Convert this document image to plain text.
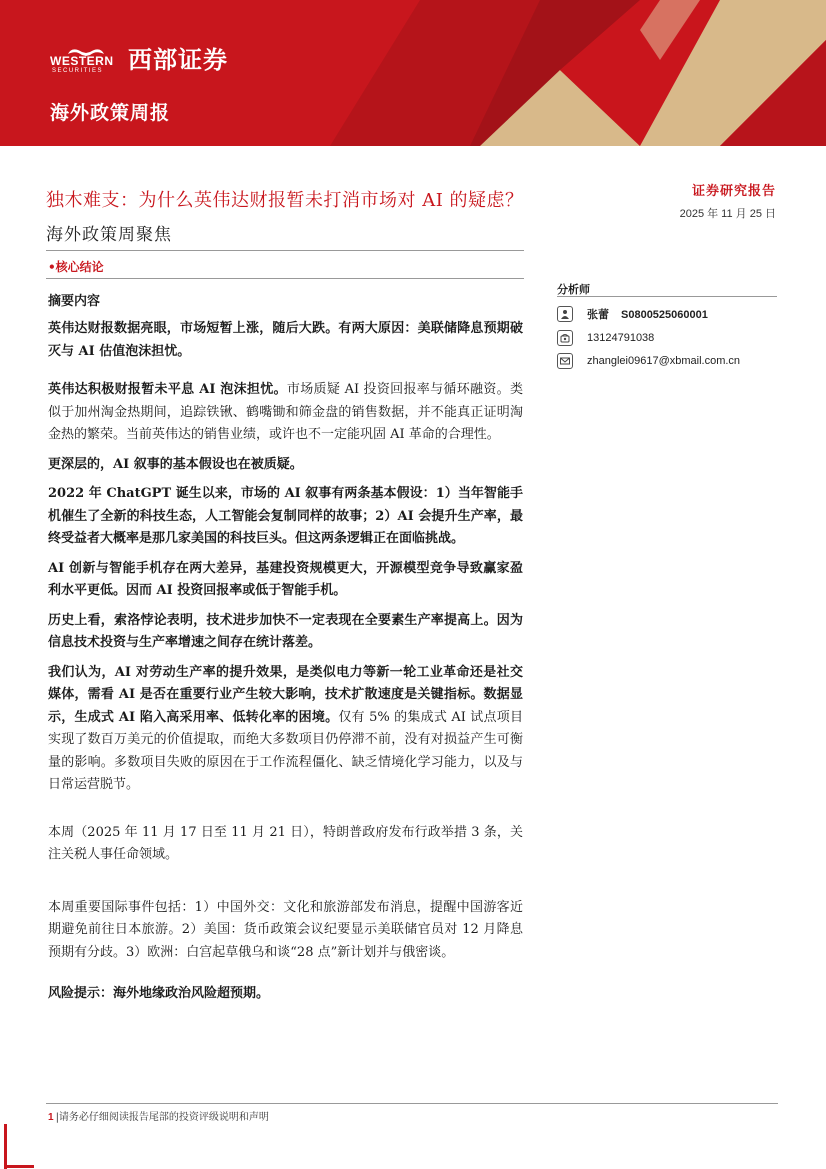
WESTERN
SECURITIES 西部证券
海外政策周报
独木难支：为什么英伟达财报暂未打消市场对 AI 的疑虑？	证券研究报告
2025 年 11 月 25 日
海外政策周聚焦
•核心结论
分析师
张蕾 S0800525060001
13124791038
zhanglei09617@xbmail.com.cn
摘要内容

英伟达财报数据亮眼，市场短暂上涨，随后大跌。有两大原因：美联储降息预期破灭与 AI 估值泡沫担忧。

英伟达积极财报暂未平息 AI 泡沫担忧。市场质疑 AI 投资回报率与循环融资。类似于加州淘金热期间，追踪铁锹、鹤嘴锄和筛金盘的销售数据，并不能真正证明淘金热的繁荣。当前英伟达的销售业绩，或许也不一定能巩固 AI 革命的合理性。

更深层的，AI 叙事的基本假设也在被质疑。

2022 年 ChatGPT 诞生以来，市场的 AI 叙事有两条基本假设：1）当年智能手机催生了全新的科技生态，人工智能会复制同样的故事；2）AI 会提升生产率，最终受益者大概率是那几家美国的科技巨头。但这两条逻辑正在面临挑战。

AI 创新与智能手机存在两大差异，基建投资规模更大，开源模型竞争导致赢家盈利水平更低。因而 AI 投资回报率或低于智能手机。

历史上看，索洛悖论表明，技术进步加快不一定表现在全要素生产率提高上。因为信息技术投资与生产率增速之间存在统计落差。

我们认为，AI 对劳动生产率的提升效果，是类似电力等新一轮工业革命还是社交媒体，需看 AI 是否在重要行业产生较大影响，技术扩散速度是关键指标。数据显示，生成式 AI 陷入高采用率、低转化率的困境。仅有 5% 的集成式 AI 试点项目实现了数百万美元的价值提取，而绝大多数项目仍停滞不前，没有对损益产生可衡量的影响。多数项目失败的原因在于工作流程僵化、缺乏情境化学习能力，以及与日常运营脱节。

本周（2025 年 11 月 17 日至 11 月 21 日），特朗普政府发布行政举措 3 条，关注关税人事任命领域。

本周重要国际事件包括：1）中国外交：文化和旅游部发布消息，提醒中国游客近期避免前往日本旅游。2）美国：货币政策会议纪要显示美联储官员对 12 月降息预期有分歧。3）欧洲：白宫起草俄乌和谈“28 点”新计划并与俄密谈。

风险提示：海外地缘政治风险超预期。
1 |请务必仔细阅读报告尾部的投资评级说明和声明
